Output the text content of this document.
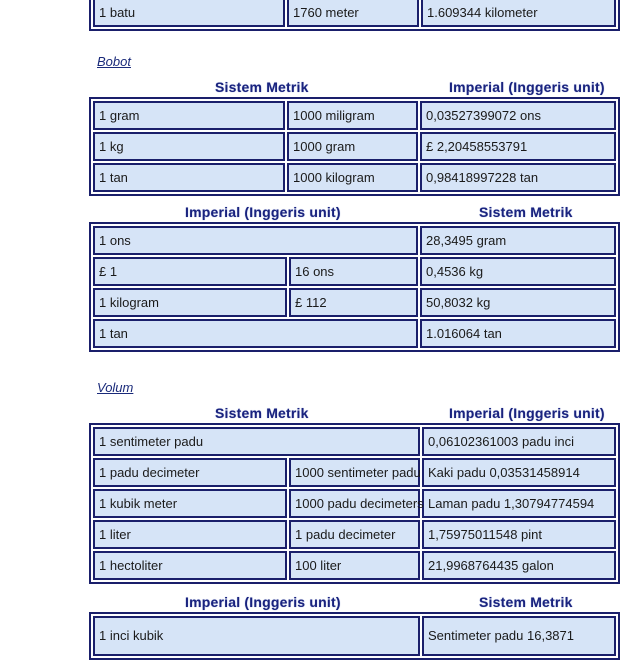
1 batu	1760 meter	1.609344 kilometer
Bobot
Sistem Metrik	Imperial (Inggeris unit)
1 gram	1000 miligram	0,03527399072 ons
1 kg	1000 gram	£ 2,20458553791
1 tan	1000 kilogram	0,98418997228 tan
Imperial (Inggeris unit)	Sistem Metrik
1 ons		28,3495 gram
£ 1	16 ons	0,4536 kg
1 kilogram	£ 112	50,8032 kg
1 tan		1.016064 tan
Volum
Sistem Metrik	Imperial (Inggeris unit)
1 sentimeter padu		0,06102361003 padu inci
1 padu decimeter	1000 sentimeter padu	Kaki padu 0,03531458914
1 kubik meter	1000 padu decimeters	Laman padu 1,30794774594
1 liter	1 padu decimeter	1,75975011548 pint
1 hectoliter	100 liter	21,9968764435 galon
Imperial (Inggeris unit)	Sistem Metrik
1 inci kubik	Sentimeter padu 16,3871
